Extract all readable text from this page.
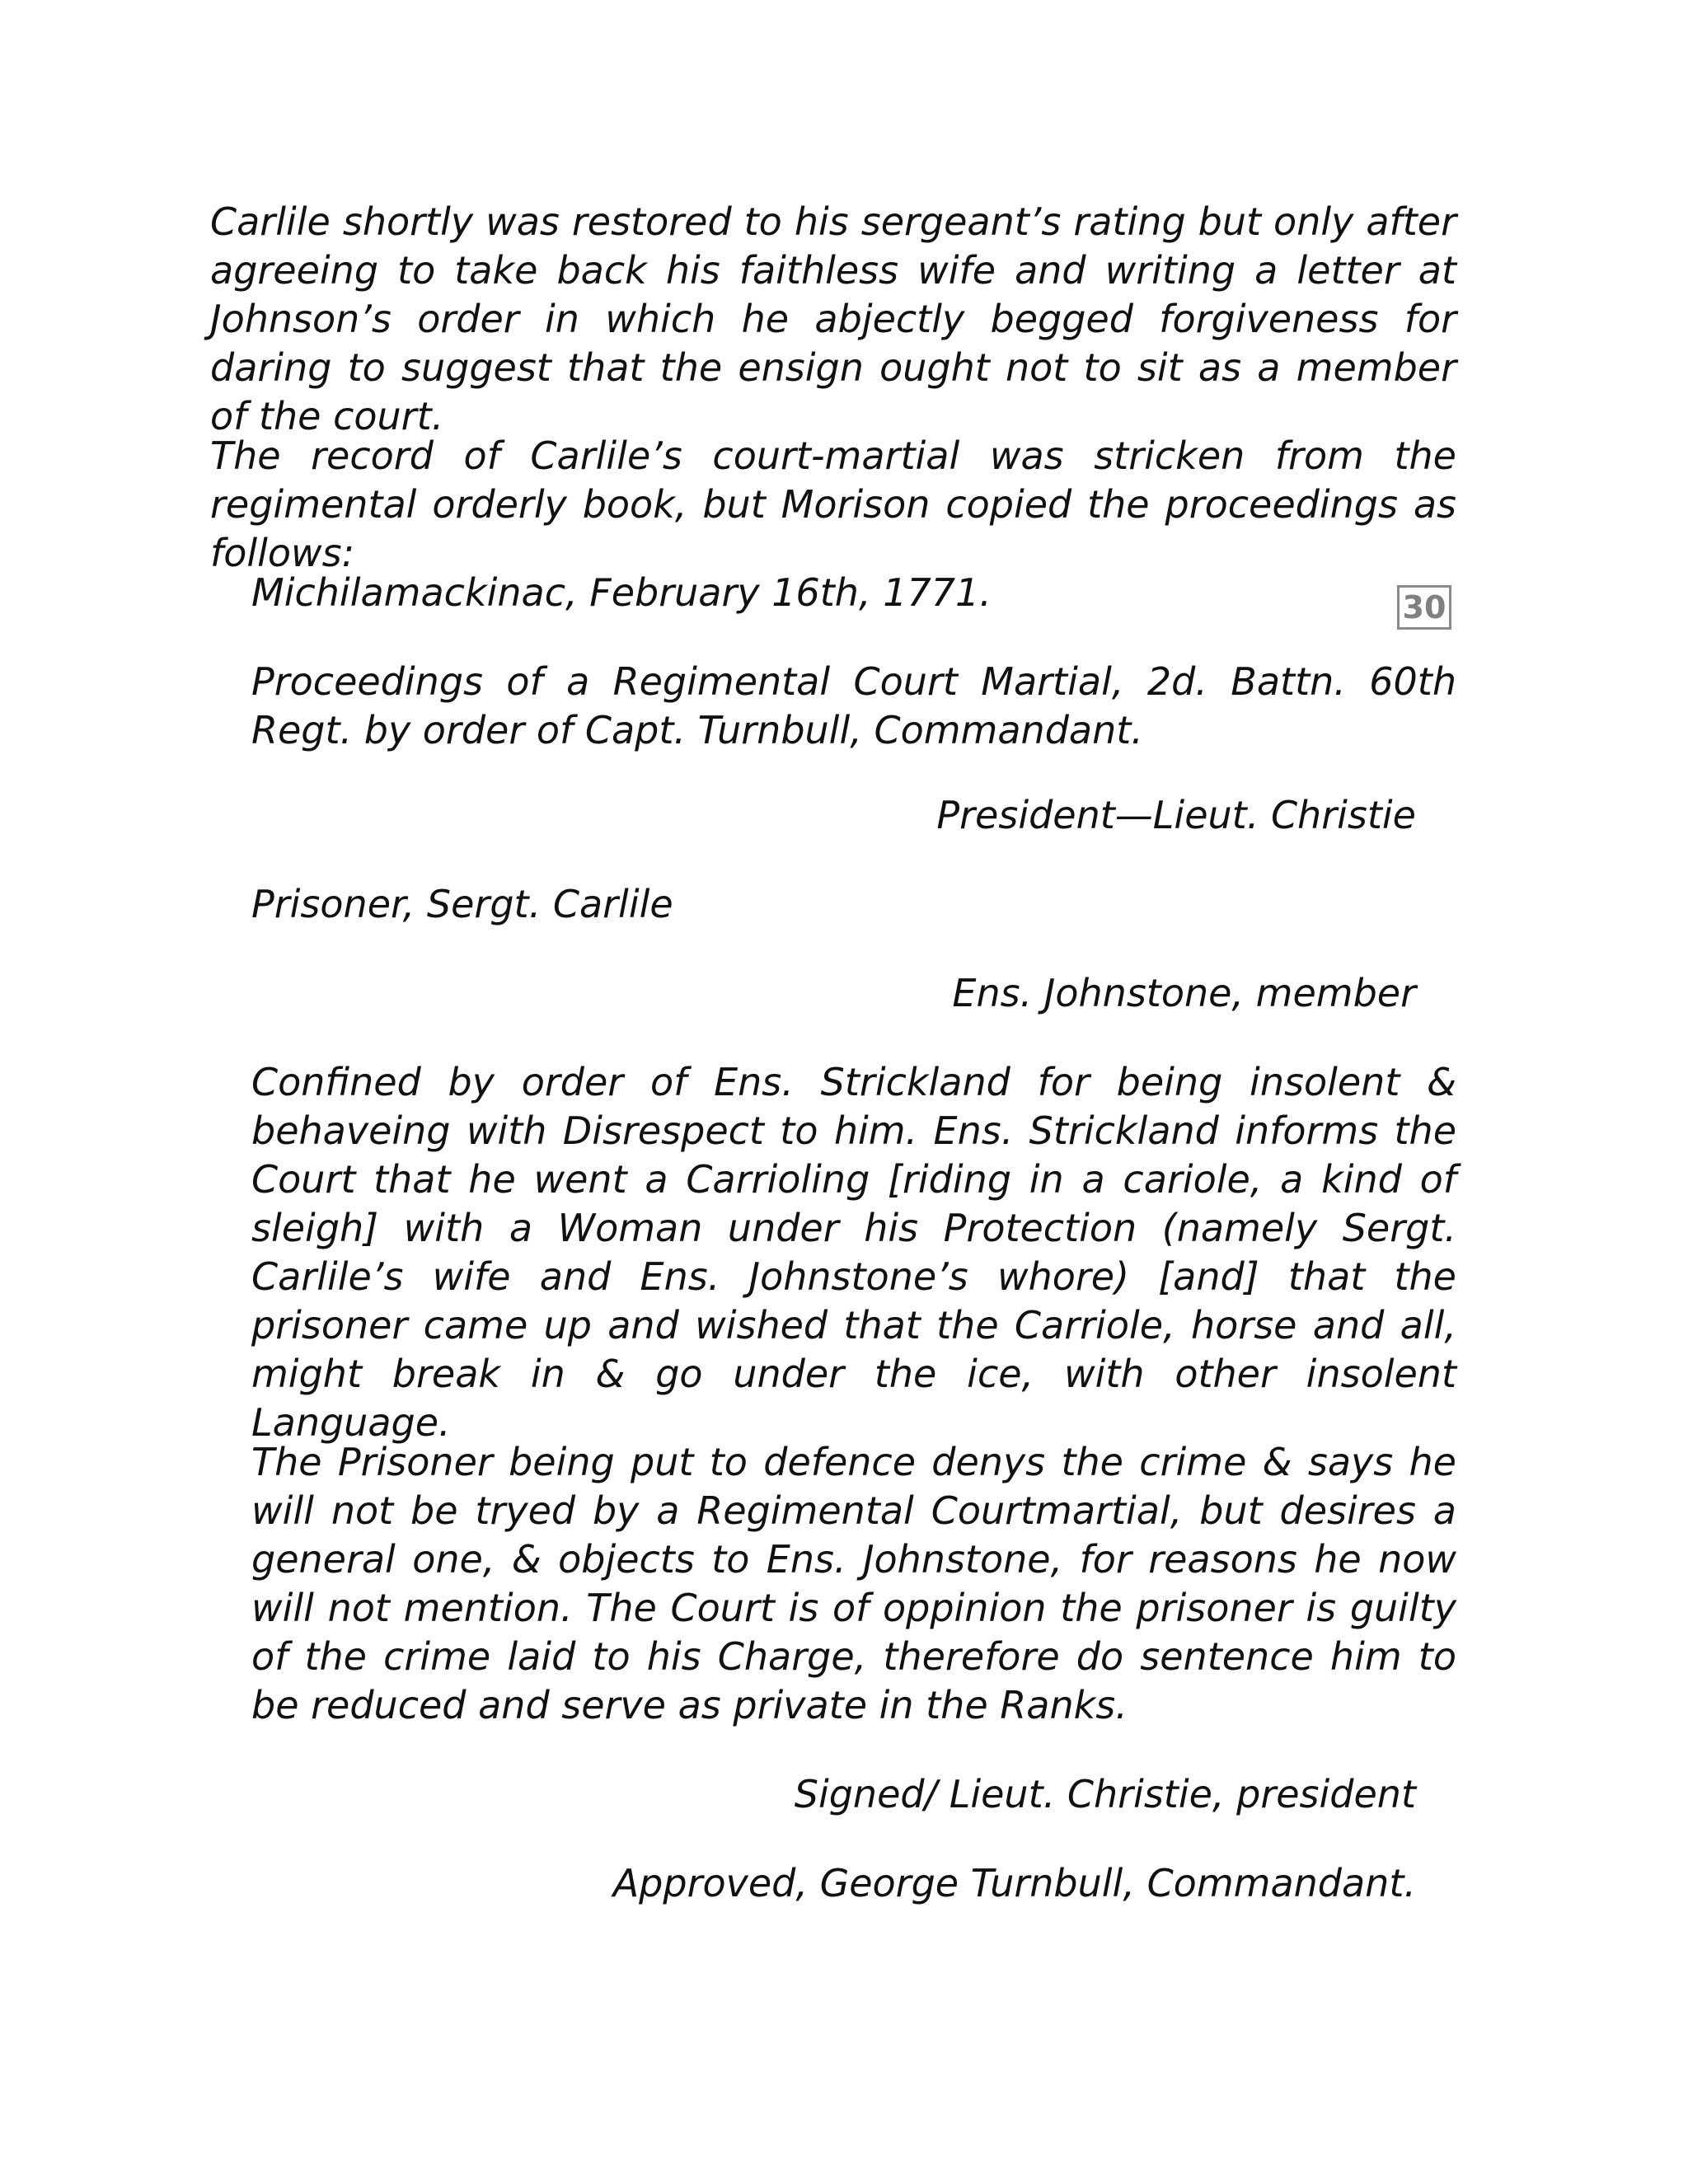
Carlile shortly was restored to his sergeant’s rating but only after agreeing to take back his faithless wife and writing a letter at Johnson’s order in which he abjectly begged forgiveness for daring to suggest that the ensign ought not to sit as a member of the court.

The record of Carlile’s court-martial was stricken from the regimental orderly book, but Morison copied the proceedings as follows:

Michilamackinac, February 16th, 1771.	30

Proceedings of a Regimental Court Martial, 2d. Battn. 60th Regt. by order of Capt. Turnbull, Commandant.

President—Lieut. Christie

Prisoner, Sergt. Carlile

Ens. Johnstone, member

Confined by order of Ens. Strickland for being insolent & behaveing with Disrespect to him. Ens. Strickland informs the Court that he went a Carrioling [riding in a cariole, a kind of sleigh] with a Woman under his Protection (namely Sergt. Carlile’s wife and Ens. Johnstone’s whore) [and] that the prisoner came up and wished that the Carriole, horse and all, might break in & go under the ice, with other insolent Language.

The Prisoner being put to defence denys the crime & says he will not be tryed by a Regimental Courtmartial, but desires a general one, & objects to Ens. Johnstone, for reasons he now will not mention. The Court is of oppinion the prisoner is guilty of the crime laid to his Charge, therefore do sentence him to be reduced and serve as private in the Ranks.

Signed/ Lieut. Christie, president

Approved, George Turnbull, Commandant.
